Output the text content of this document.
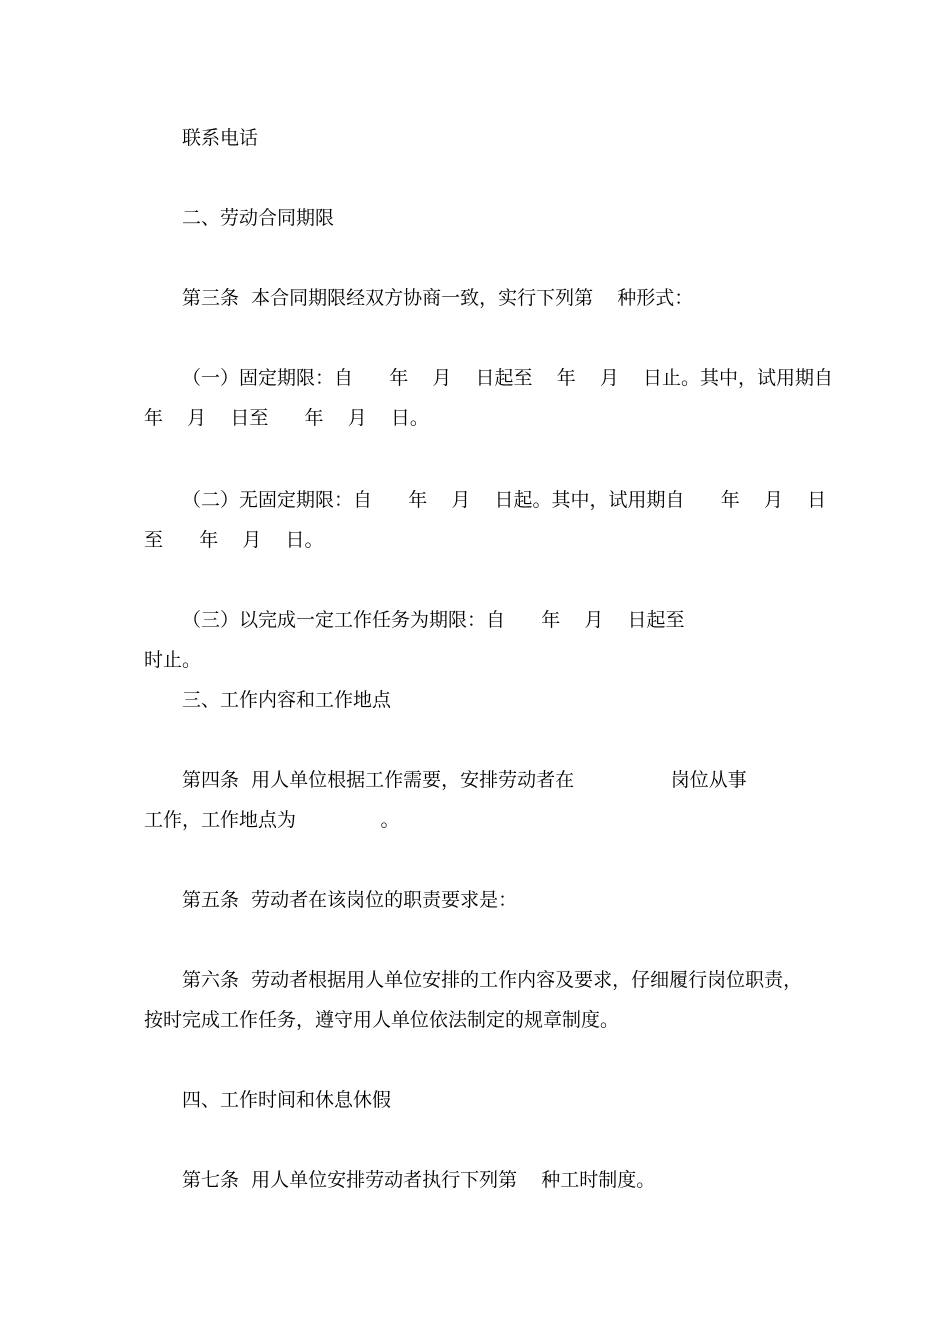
联系电话
二、劳动合同期限
第三条  本合同期限经双方协商一致，实行下列第    种形式：
（一）固定期限：自      年    月    日起至    年    月    日止。其中，试用期自
年    月    日至      年    月    日。
（二）无固定期限：自      年    月    日起。其中，试用期自      年    月    日
至      年    月    日。
（三）以完成一定工作任务为期限：自      年    月    日起至
时止。
三、工作内容和工作地点
第四条  用人单位根据工作需要，安排劳动者在                岗位从事
工作，工作地点为              。
第五条  劳动者在该岗位的职责要求是：
第六条  劳动者根据用人单位安排的工作内容及要求，仔细履行岗位职责，
按时完成工作任务，遵守用人单位依法制定的规章制度。
四、工作时间和休息休假
第七条  用人单位安排劳动者执行下列第    种工时制度。
